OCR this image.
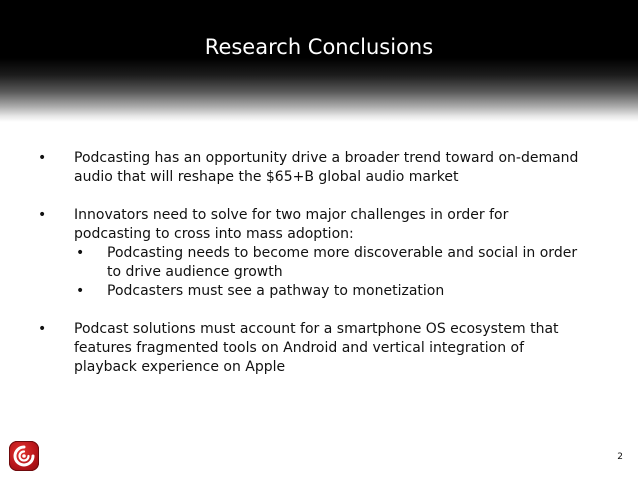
Research Conclusions
• Podcasting has an opportunity drive a broader trend toward on-demand
audio that will reshape the $65+B global audio market
• Innovators need to solve for two major challenges in order for
podcasting to cross into mass adoption:
• Podcasting needs to become more discoverable and social in order
to drive audience growth
• Podcasters must see a pathway to monetization
• Podcast solutions must account for a smartphone OS ecosystem that
features fragmented tools on Android and vertical integration of
playback experience on Apple
2
